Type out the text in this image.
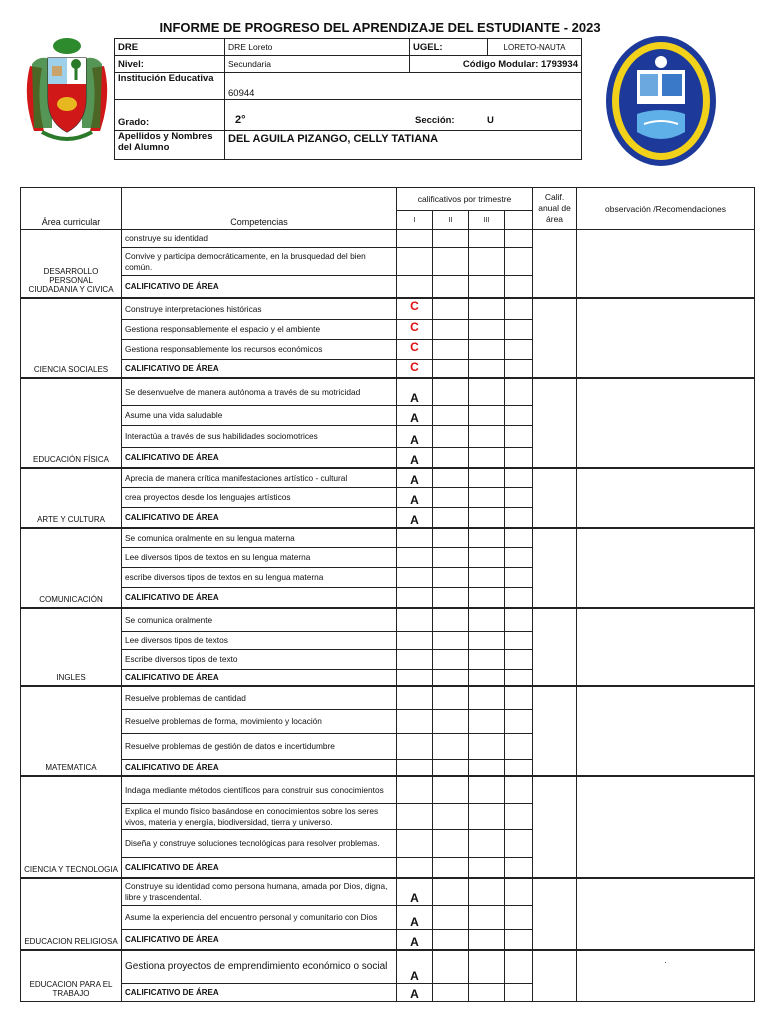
INFORME DE PROGRESO DEL APRENDIZAJE DEL ESTUDIANTE - 2023
DRE	DRE Loreto	UGEL:	LORETO-NAUTA
Nivel:	Secundaria	Código Modular: 1793934	
Institución Educativa	60944		
Grado:	2° Sección: U		

Apellidos y Nombres del Alumno	DEL AGUILA PIZANGO, CELLY TATIANA		
Área curricular	Competencias	calificativos por trimestre				Calif. anual de área	observación /Recomendaciones
		I	II	III			
DESARROLLO PERSONAL CIUDADANIA Y CIVICA	construye su identidad						
	Convive y participa democráticamente, en la brusquedad del bien común.						
	CALIFICATIVO DE ÁREA						
CIENCIA SOCIALES	Construye interpretaciones históricas	C					
	Gestiona responsablemente el espacio y el ambiente	C					
	Gestiona responsablemente los recursos económicos	C					
	CALIFICATIVO DE ÁREA	C					
EDUCACIÓN FÍSICA	Se desenvuelve de manera autónoma a través de su motricidad	A					
	Asume una vida saludable	A					
	Interactúa a través de sus habilidades sociomotrices	A					
	CALIFICATIVO DE ÁREA	A					
ARTE Y CULTURA	Aprecia de manera crítica manifestaciones artístico - cultural	A					
	crea proyectos desde los lenguajes artísticos	A					
	CALIFICATIVO DE ÁREA	A					
COMUNICACIÓN	Se comunica oralmente en su lengua materna						
	Lee diversos tipos de textos en su lengua materna						
	escribe diversos tipos de textos en su lengua materna						
	CALIFICATIVO DE ÁREA						
INGLES	Se comunica oralmente						
	Lee diversos tipos de textos						
	Escribe diversos tipos de texto						
	CALIFICATIVO DE ÁREA						
MATEMATICA	Resuelve problemas de cantidad						
	Resuelve problemas de forma, movimiento y locación						
	Resuelve problemas de gestión de datos e incertidumbre						
	CALIFICATIVO DE ÁREA						
CIENCIA Y TECNOLOGIA	Indaga mediante métodos científicos para construir sus conocimientos						
	Explica el mundo físico basándose en conocimientos sobre los seres vivos, materia y energía, biodiversidad, tierra y universo.						
	Diseña y construye soluciones tecnológicas para resolver problemas.						
	CALIFICATIVO DE ÁREA						
EDUCACION RELIGIOSA	Construye su identidad como persona humana, amada por Dios, digna, libre y trascendental.	A					
	Asume la experiencia del encuentro personal y comunitario con Dios	A					
	CALIFICATIVO DE ÁREA	A					
EDUCACION PARA EL TRABAJO	Gestiona proyectos de emprendimiento económico o social	A					.
	CALIFICATIVO DE ÁREA	A					
